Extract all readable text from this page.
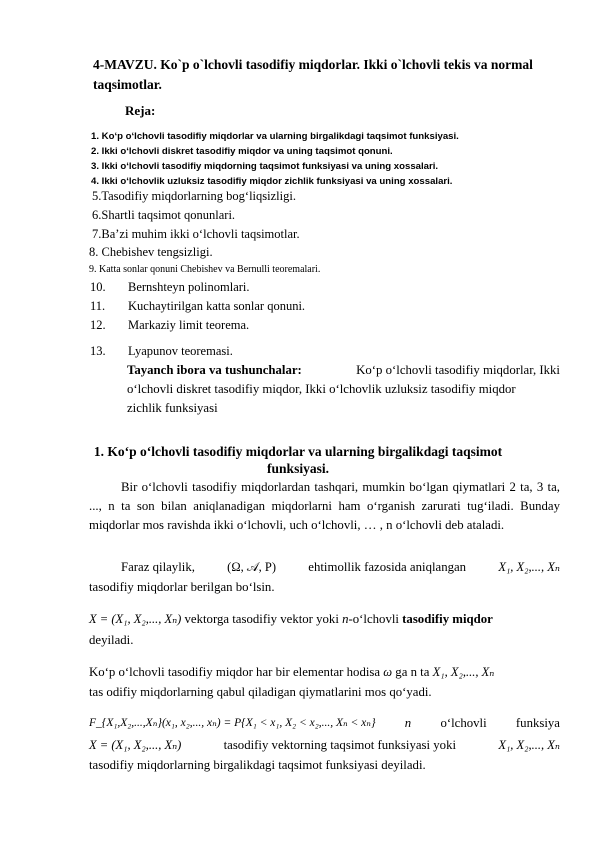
4-MAVZU. Ko`p o`lchovli tasodifiy miqdorlar. Ikki o`lchovli tekis va normal
taqsimotlar.
Reja:
1. Ko‘p o‘lchovli tasodifiy miqdorlar va ularning birgalikdagi taqsimot funksiyasi.
2. Ikki o‘lchovli diskret tasodifiy miqdor va uning taqsimot qonuni.
3. Ikki o‘lchovli tasodifiy miqdorning taqsimot funksiyasi va uning xossalari.
4. Ikki o‘lchovlik uzluksiz tasodifiy miqdor zichlik funksiyasi va uning xossalari.
5.Tasodifiy miqdorlarning bog‘liqsizligi.
6.Shartli taqsimot qonunlari.
7.Ba’zi muhim ikki o‘lchovli taqsimotlar.
8. Chebishev tengsizligi.
9. Katta sonlar qonuni Chebishev va Bernulli teoremalari.
10. Bernshteyn polinomlari.
11. Kuchaytirilgan katta sonlar qonuni.
12. Markaziy limit teorema.
13. Lyapunov teoremasi.
Tayanch ibora va tushunchalar:	Ko‘p o‘lchovli tasodifiy miqdorlar, Ikki
o‘lchovli diskret tasodifiy miqdor, Ikki o‘lchovlik uzluksiz tasodifiy miqdor
zichlik funksiyasi
1. Ko‘p o‘lchovli tasodifiy miqdorlar va ularning birgalikdagi taqsimot
funksiyasi.
Bir o‘lchovli tasodifiy miqdorlardan tashqari, mumkin bo‘lgan qiymatlari 2 ta, 3 ta, ..., n ta son bilan aniqlanadigan miqdorlarni ham o‘rganish zarurati tug‘iladi. Bunday miqdorlar mos ravishda ikki o‘lchovli, uch o‘lchovli, … , n o‘lchovli deb ataladi.
Faraz qilaylik,	(Ω, 𝒜, P)	ehtimollik fazosida aniqlangan	X₁, X₂,..., Xₙ
tasodifiy miqdorlar berilgan bo‘lsin.
X = (X₁, X₂,..., Xₙ) vektorga tasodifiy vektor yoki n-o‘lchovli tasodifiy miqdor
deyiladi.
Ko‘p o‘lchovli tasodifiy miqdor har bir elementar hodisa ω ga n ta X₁, X₂,..., Xₙ
tas odifiy miqdorlarning qabul qiladigan qiymatlarini mos qo‘yadi.
F_{X₁,X₂,...,Xₙ}(x₁, x₂,..., xₙ) = P{X₁ < x₁, X₂ < x₂,..., Xₙ < xₙ} n o‘lchovli funksiya
X = (X₁, X₂,..., Xₙ)	tasodifiy vektorning taqsimot funksiyasi yoki	X₁, X₂,..., Xₙ
tasodifiy miqdorlarning birgalikdagi taqsimot funksiyasi deyiladi.
